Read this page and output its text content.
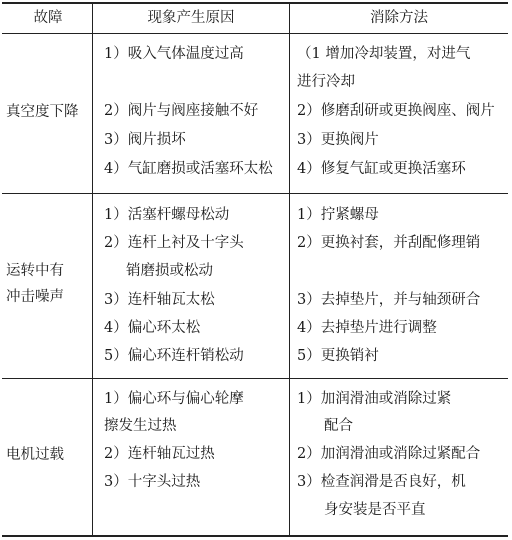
故障	现象产生原因	消除方法
真空度下降
1）吸入气体温度过高
2）阀片与阀座接触不好
3）阀片损坏
4）气缸磨损或活塞环太松
（1 增加冷却装置，对进气
进行冷却
2）修磨刮研或更换阀座、阀片
3）更换阀片
4）修复气缸或更换活塞环
运转中有
冲击噪声
1）活塞杆螺母松动
2）连杆上衬及十字头
销磨损或松动
3）连杆轴瓦太松
4）偏心环太松
5）偏心环连杆销松动
1）拧紧螺母
2）更换衬套，并刮配修理销
3）去掉垫片，并与轴颈研合
4）去掉垫片进行调整
5）更换销衬
电机过载
1）偏心环与偏心轮摩
擦发生过热
2）连杆轴瓦过热
3）十字头过热
1）加润滑油或消除过紧
配合
2）加润滑油或消除过紧配合
3）检查润滑是否良好，机
身安装是否平直
